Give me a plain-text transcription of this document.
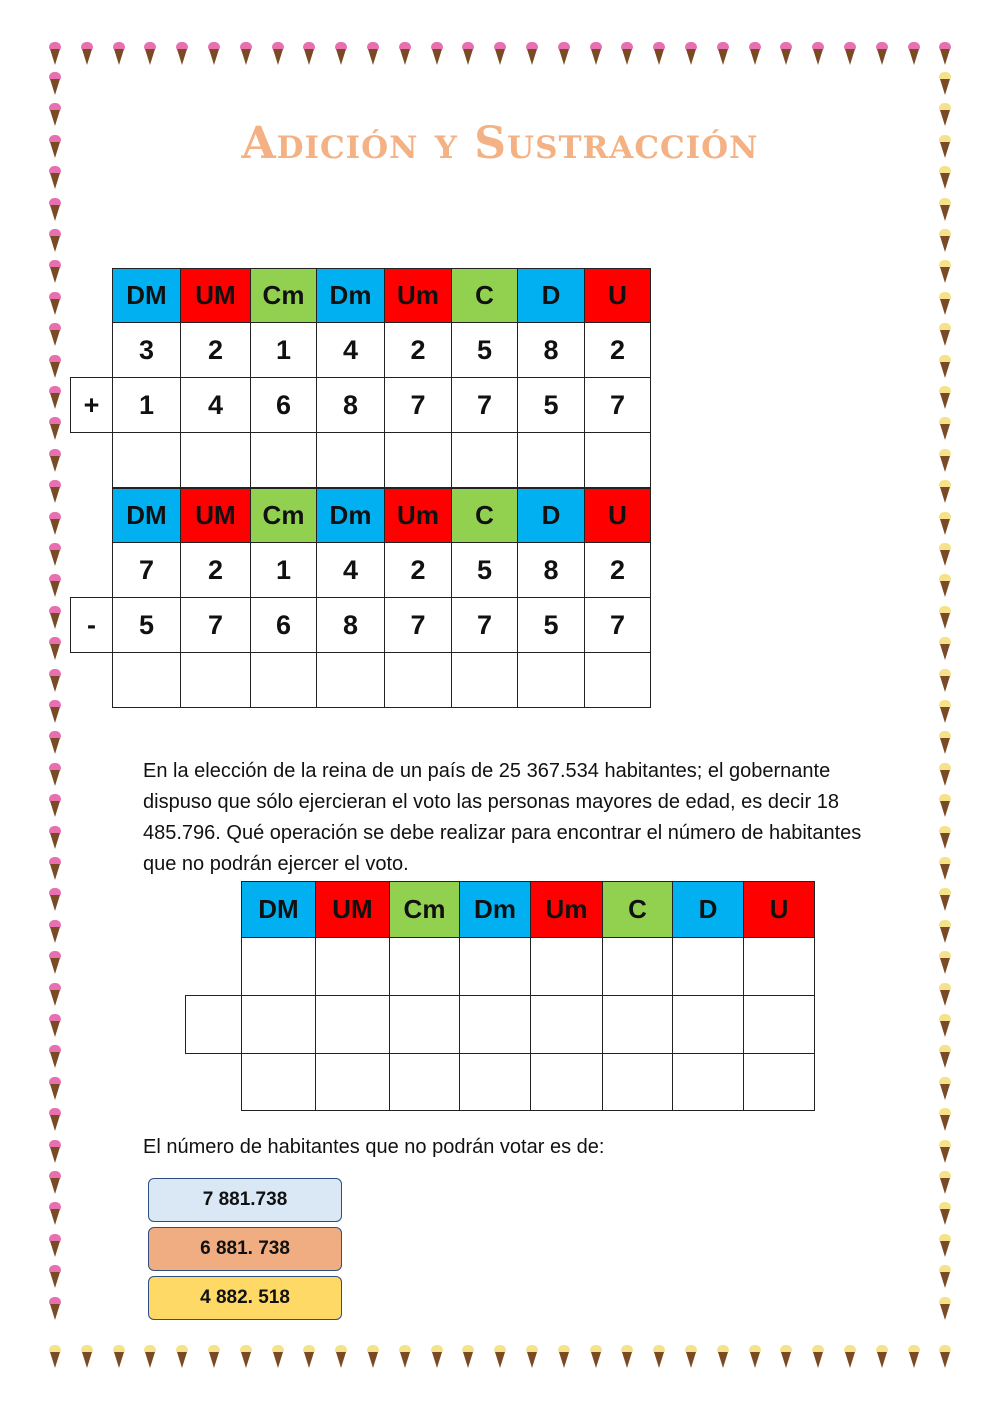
Adición y Sustracción
	DM	UM	Cm	Dm	Um	C	D	U
	3	2	1	4	2	5	8	2
+	1	4	6	8	7	7	5	7

	DM	UM	Cm	Dm	Um	C	D	U
	7	2	1	4	2	5	8	2
-	5	7	6	8	7	7	5	7

En la elección de la reina de un país de 25 367.534 habitantes; el gobernante dispuso que sólo ejercieran el voto las personas mayores de edad, es decir 18 485.796. Qué operación se debe realizar para encontrar el número de habitantes que no podrán ejercer el voto.

	DM	UM	Cm	Dm	Um	C	D	U

El número de habitantes que no podrán votar es de:

7 881.738
6 881. 738
4 882. 518
